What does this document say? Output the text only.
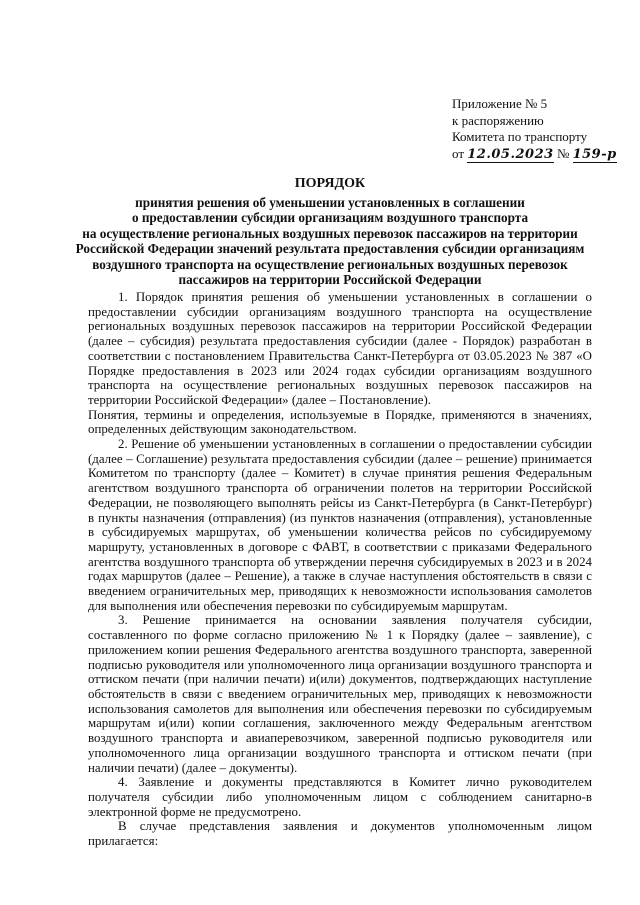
Приложение № 5
к распоряжению
Комитета по транспорту
от 12.05.2023 № 159-р
ПОРЯДОК
принятия решения об уменьшении установленных в соглашении
о предоставлении субсидии организациям воздушного транспорта
на осуществление региональных воздушных перевозок пассажиров на территории
Российской Федерации значений результата предоставления субсидии организациям
воздушного транспорта на осуществление региональных воздушных перевозок
пассажиров на территории Российской Федерации

1. Порядок принятия решения об уменьшении установленных в соглашении о предоставлении субсидии организациям воздушного транспорта на осуществление региональных воздушных перевозок пассажиров на территории Российской Федерации (далее – субсидия) результата предоставления субсидии (далее - Порядок) разработан в соответствии с постановлением Правительства Санкт-Петербурга от 03.05.2023 № 387 «О Порядке предоставления в 2023 или 2024 годах субсидии организациям воздушного транспорта на осуществление региональных воздушных перевозок пассажиров на территории Российской Федерации» (далее – Постановление).

Понятия, термины и определения, используемые в Порядке, применяются в значениях, определенных действующим законодательством.

2. Решение об уменьшении установленных в соглашении о предоставлении субсидии (далее – Соглашение) результата предоставления субсидии (далее – решение) принимается Комитетом по транспорту (далее – Комитет) в случае принятия решения Федеральным агентством воздушного транспорта об ограничении полетов на территории Российской Федерации, не позволяющего выполнять рейсы из Санкт-Петербурга (в Санкт-Петербург) в пункты назначения (отправления) (из пунктов назначения (отправления), установленные в субсидируемых маршрутах, об уменьшении количества рейсов по субсидируемому маршруту, установленных в договоре с ФАВТ, в соответствии с приказами Федерального агентства воздушного транспорта об утверждении перечня субсидируемых в 2023 и в 2024 годах маршрутов (далее – Решение), а также в случае наступления обстоятельств в связи с введением ограничительных мер, приводящих к невозможности использования самолетов для выполнения или обеспечения перевозки по субсидируемым маршрутам.

3. Решение принимается на основании заявления получателя субсидии, составленного по форме согласно приложению № 1 к Порядку (далее – заявление), с приложением копии решения Федерального агентства воздушного транспорта, заверенной подписью руководителя или уполномоченного лица организации воздушного транспорта и оттиском печати (при наличии печати) и(или) документов, подтверждающих наступление обстоятельств в связи с введением ограничительных мер, приводящих к невозможности использования самолетов для выполнения или обеспечения перевозки по субсидируемым маршрутам и(или) копии соглашения, заключенного между Федеральным агентством воздушного транспорта и авиаперевозчиком, заверенной подписью руководителя или уполномоченного лица организации воздушного транспорта и оттиском печати (при наличии печати) (далее – документы).

4. Заявление и документы представляются в Комитет лично руководителем получателя субсидии либо уполномоченным лицом с соблюдением санитарно-в электронной форме не предусмотрено.

В случае представления заявления и документов уполномоченным лицом прилагается:
